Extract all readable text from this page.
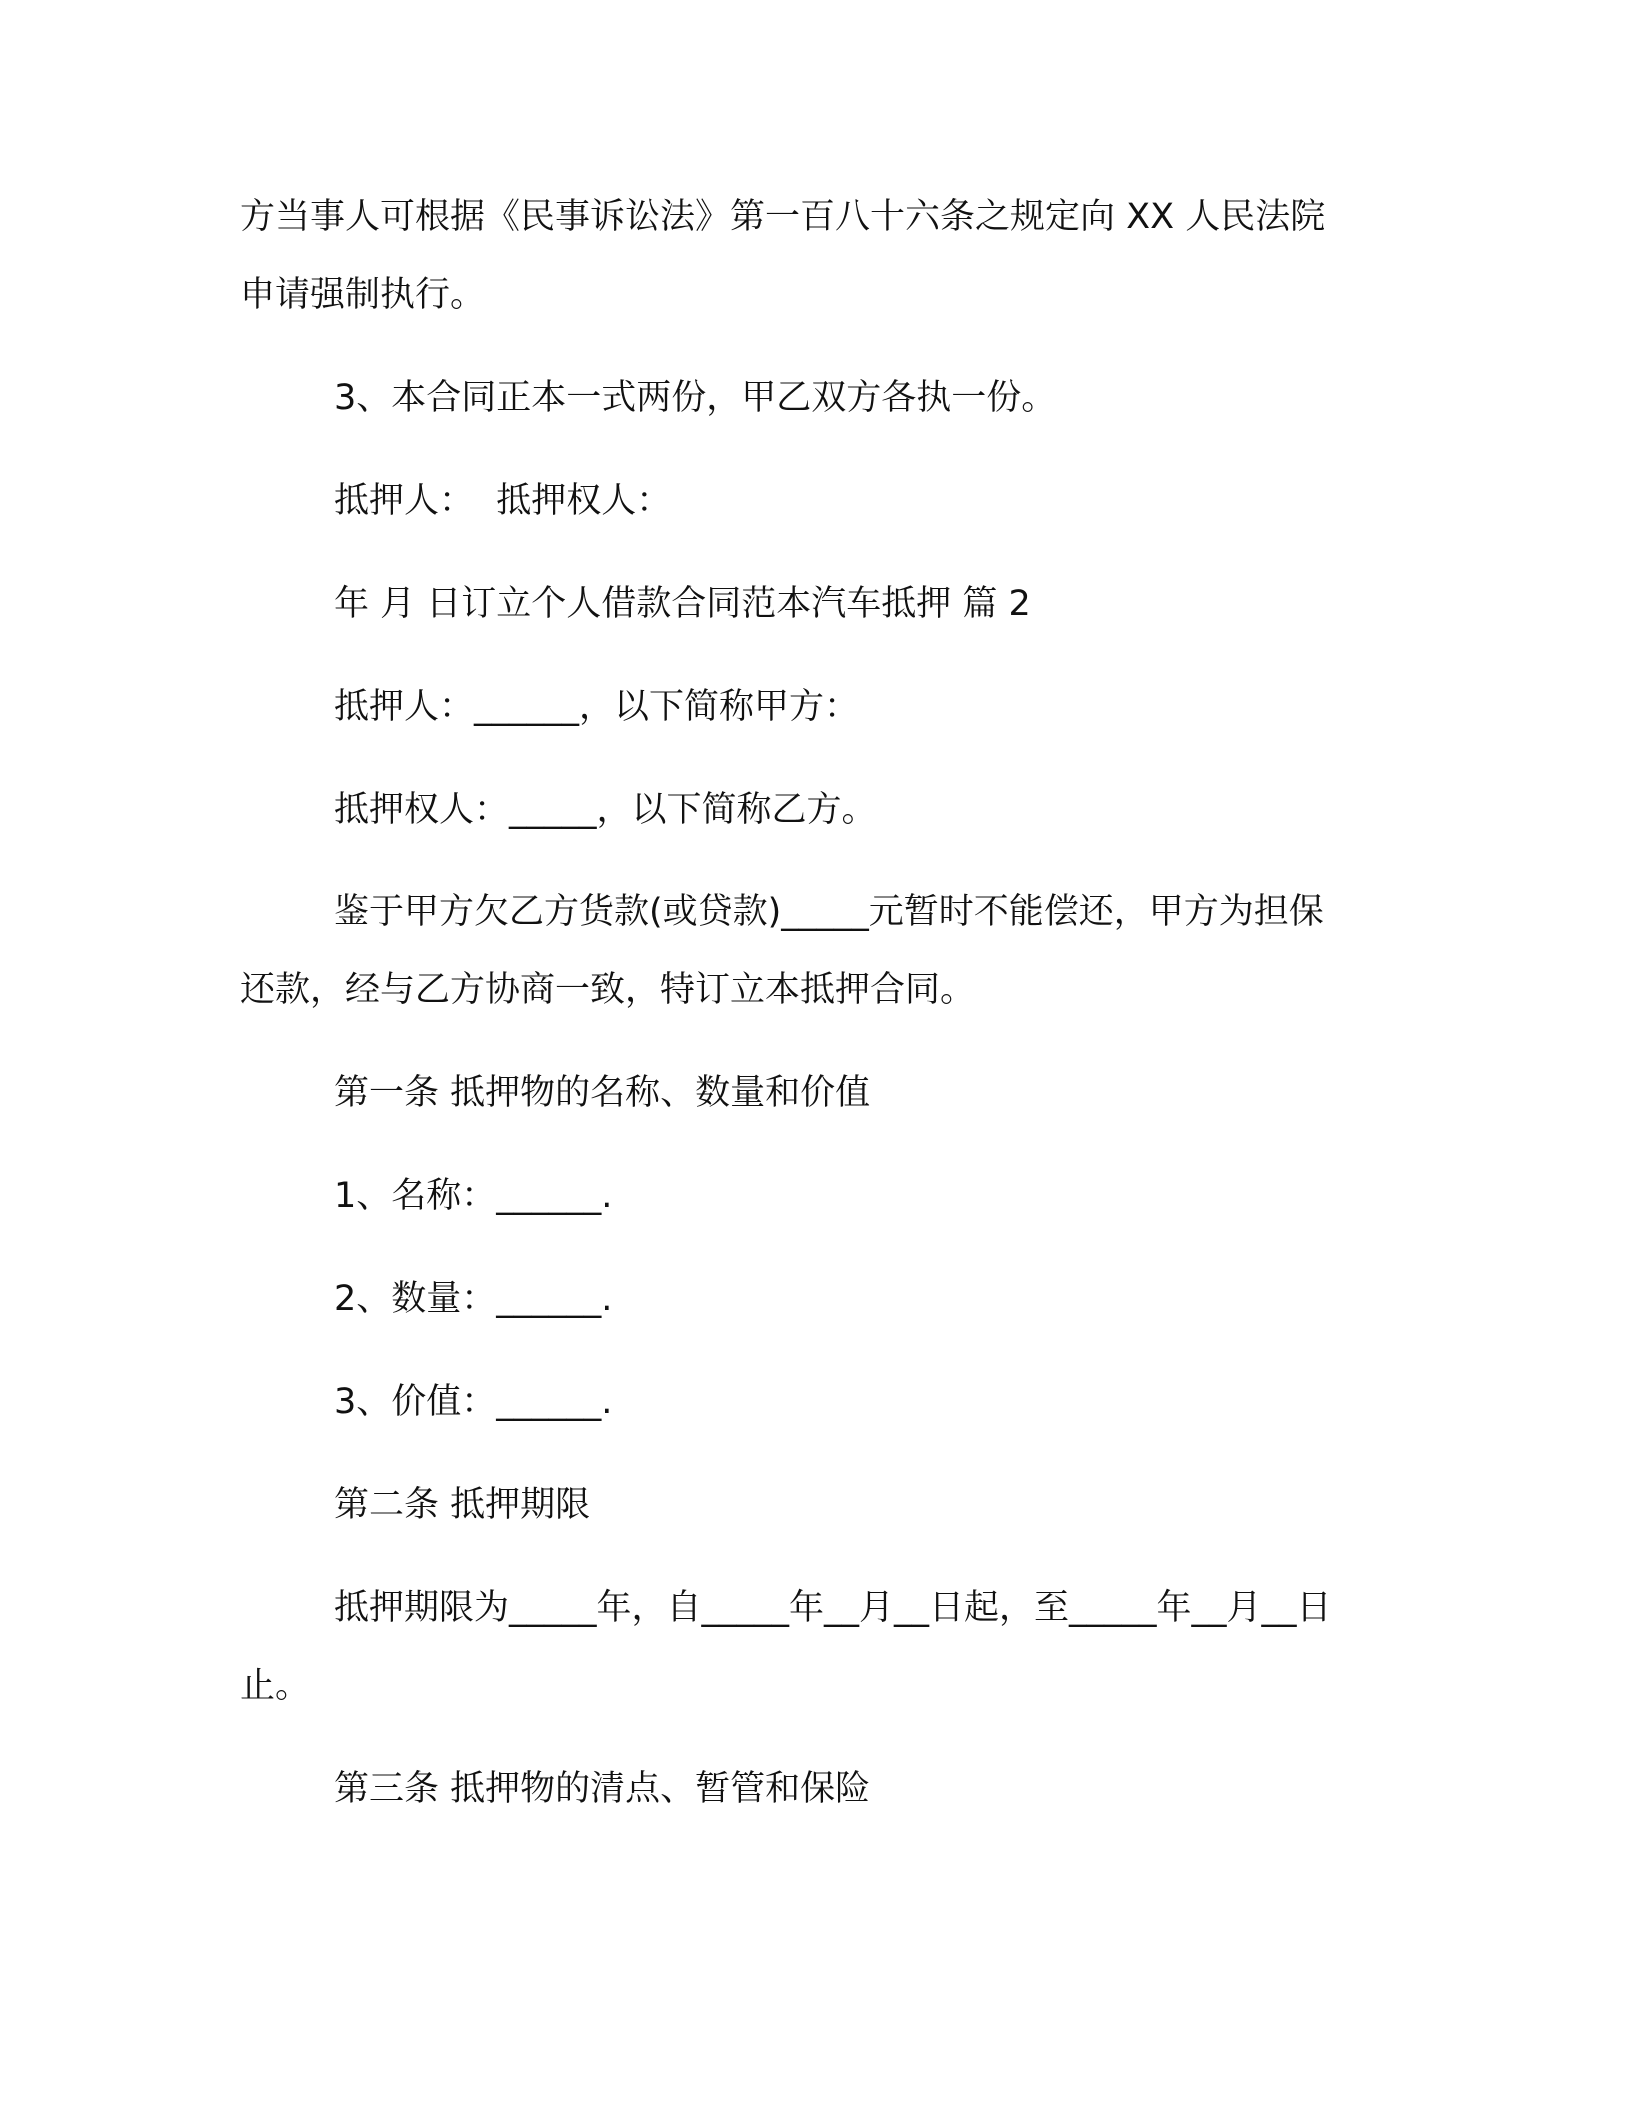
方当事人可根据《民事诉讼法》第一百八十六条之规定向 XX 人民法院

申请强制执行。

3、本合同正本一式两份，甲乙双方各执一份。

抵押人：  抵押权人：

年 月 日订立个人借款合同范本汽车抵押 篇 2

抵押人：______，以下简称甲方：

抵押权人：_____，以下简称乙方。

鉴于甲方欠乙方货款(或贷款)_____元暂时不能偿还，甲方为担保

还款，经与乙方协商一致，特订立本抵押合同。

第一条 抵押物的名称、数量和价值

1、名称：______.

2、数量：______.

3、价值：______.

第二条 抵押期限

抵押期限为_____年，自_____年__月__日起，至_____年__月__日

止。

第三条 抵押物的清点、暂管和保险
